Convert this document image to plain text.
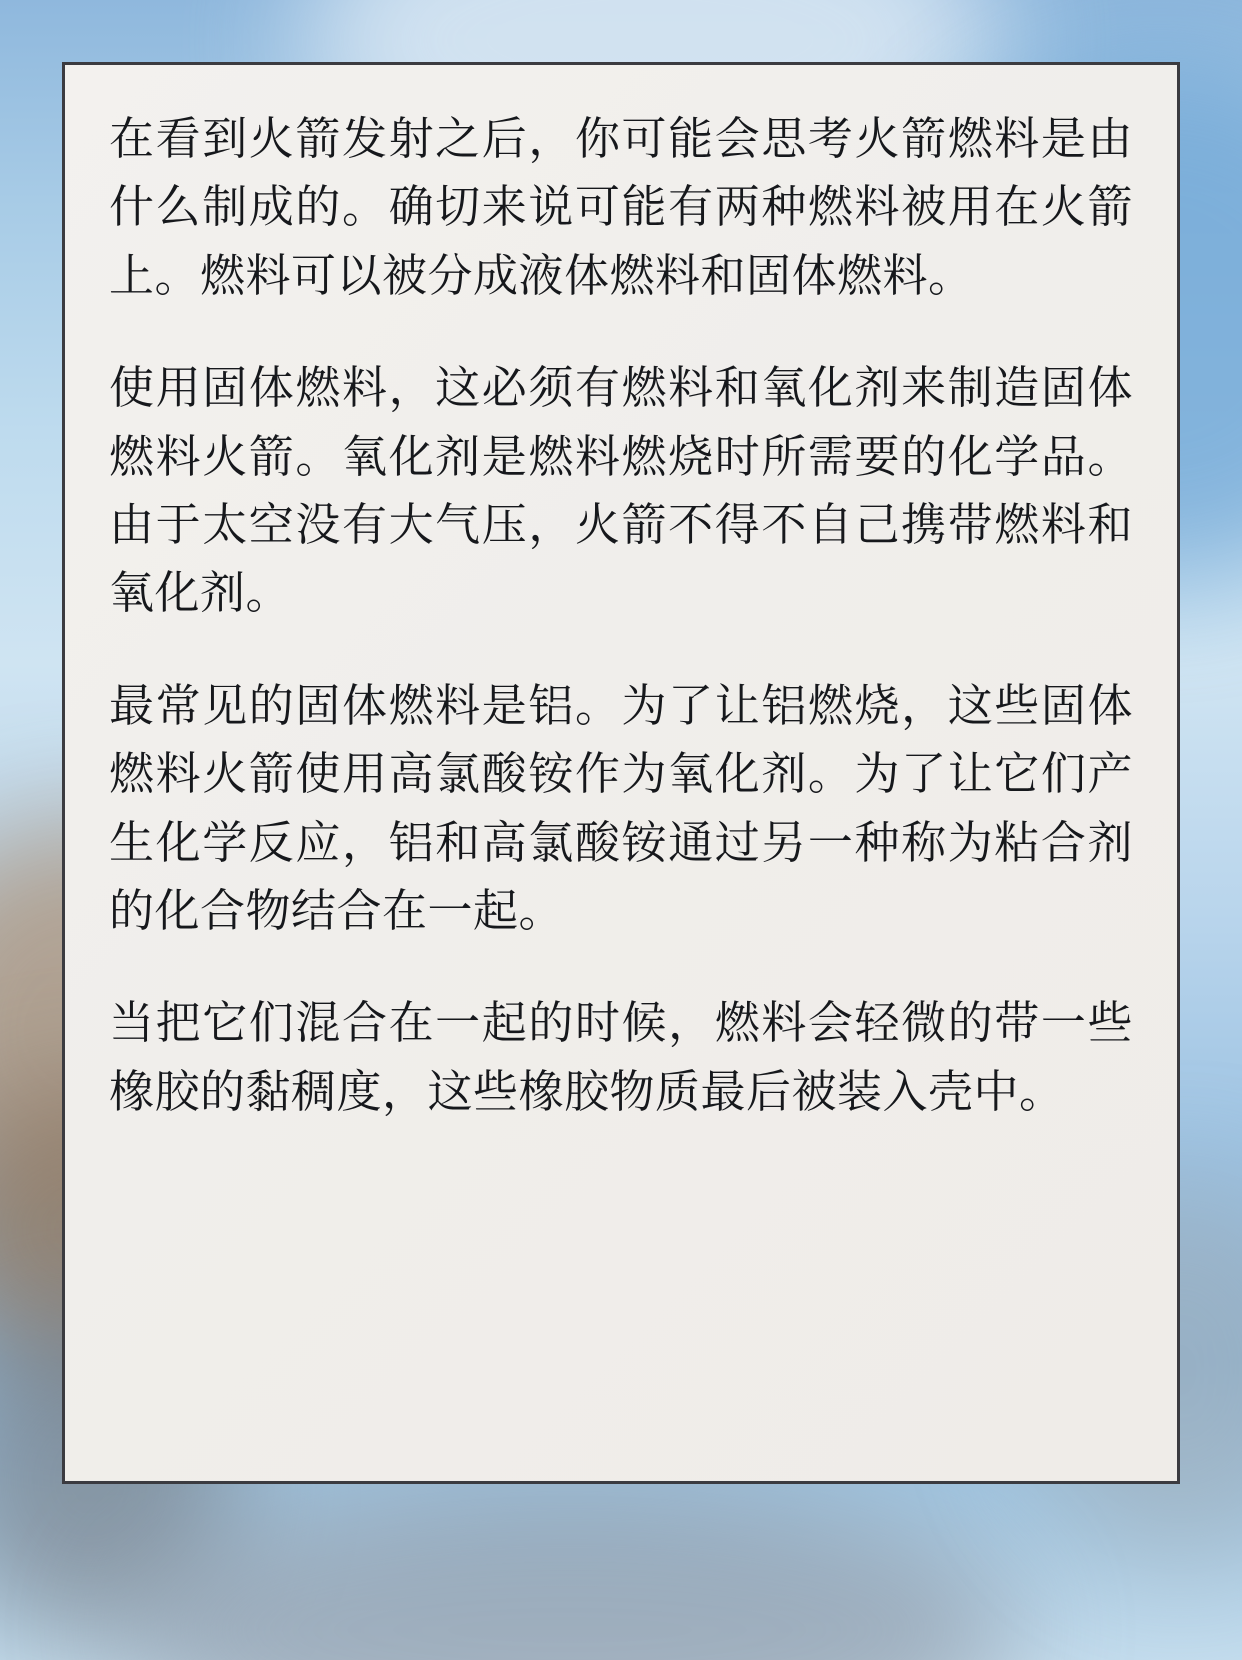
在看到火箭发射之后，你可能会思考火箭燃料是由什么制成的。确切来说可能有两种燃料被用在火箭上。燃料可以被分成液体燃料和固体燃料。

使用固体燃料，这必须有燃料和氧化剂来制造固体燃料火箭。氧化剂是燃料燃烧时所需要的化学品。由于太空没有大气压，火箭不得不自己携带燃料和氧化剂。

最常见的固体燃料是铝。为了让铝燃烧，这些固体燃料火箭使用高氯酸铵作为氧化剂。为了让它们产生化学反应，铝和高氯酸铵通过另一种称为粘合剂的化合物结合在一起。

当把它们混合在一起的时候，燃料会轻微的带一些橡胶的黏稠度，这些橡胶物质最后被装入壳中。
